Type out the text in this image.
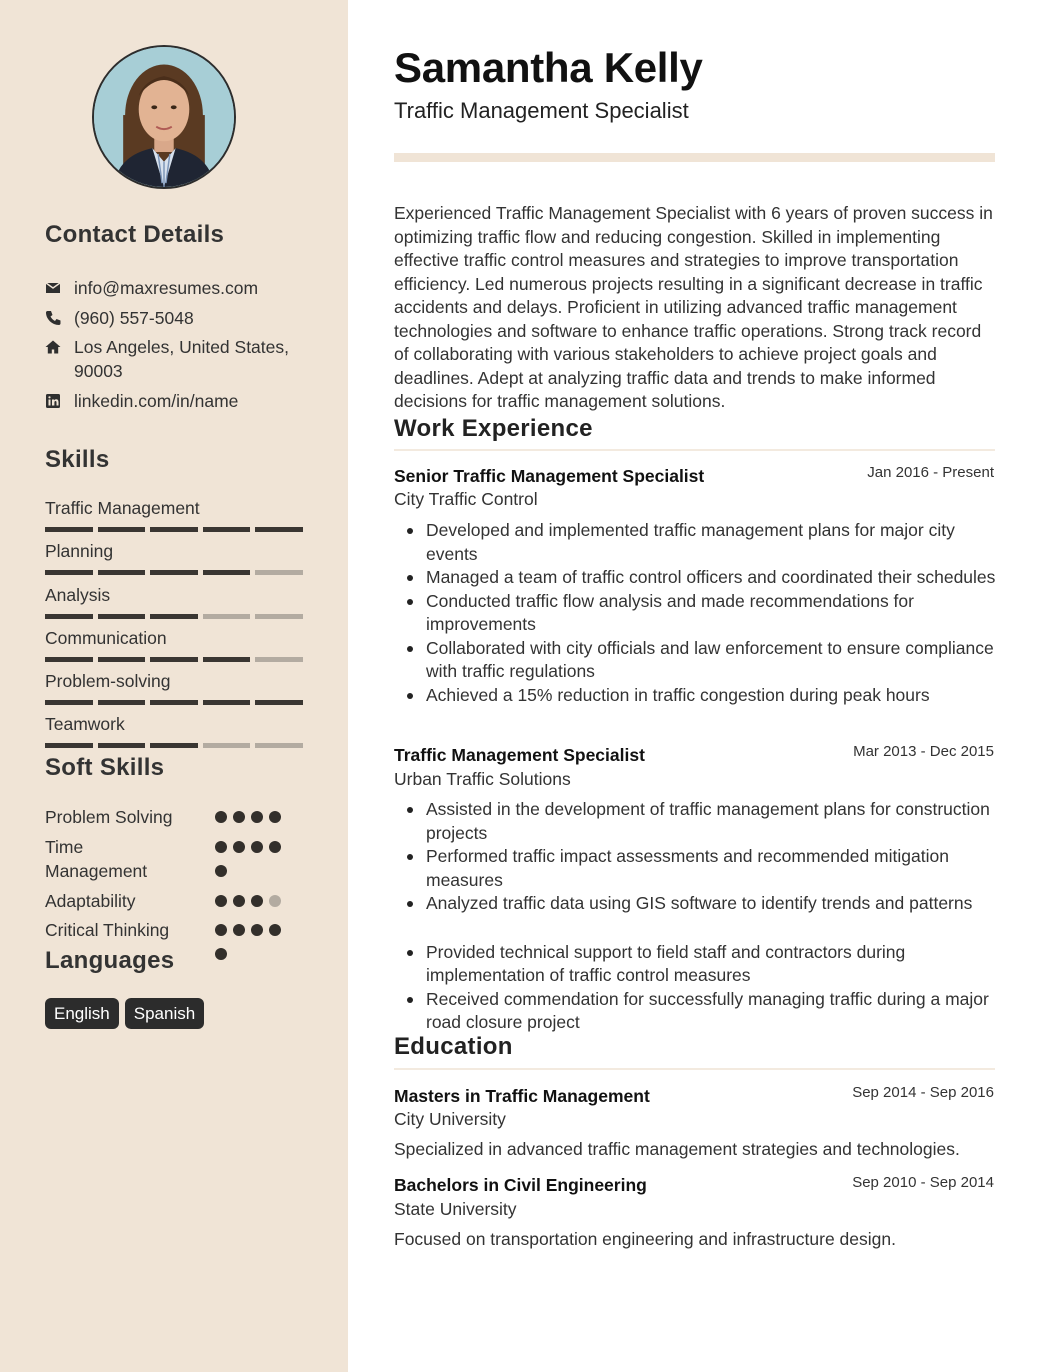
Contact Details
info@maxresumes.com
(960) 557-5048
Los Angeles, United States, 90003
linkedin.com/in/name
Skills
Traffic Management
Planning
Analysis
Communication
Problem-solving
Teamwork
Soft Skills
Problem Solving
Time Management
Adaptability
Critical Thinking
Languages
English	Spanish
Samantha Kelly
Traffic Management Specialist
Experienced Traffic Management Specialist with 6 years of proven success in optimizing traffic flow and reducing congestion. Skilled in implementing effective traffic control measures and strategies to improve transportation efficiency. Led numerous projects resulting in a significant decrease in traffic accidents and delays. Proficient in utilizing advanced traffic management technologies and software to enhance traffic operations. Strong track record of collaborating with various stakeholders to achieve project goals and deadlines. Adept at analyzing traffic data and trends to make informed decisions for traffic management solutions.
Work Experience
Senior Traffic Management Specialist	Jan 2016 - Present
City Traffic Control
Developed and implemented traffic management plans for major city events
Managed a team of traffic control officers and coordinated their schedules
Conducted traffic flow analysis and made recommendations for improvements
Collaborated with city officials and law enforcement to ensure compliance with traffic regulations
Achieved a 15% reduction in traffic congestion during peak hours
Traffic Management Specialist	Mar 2013 - Dec 2015
Urban Traffic Solutions
Assisted in the development of traffic management plans for construction projects
Performed traffic impact assessments and recommended mitigation measures
Analyzed traffic data using GIS software to identify trends and patterns
Provided technical support to field staff and contractors during implementation of traffic control measures
Received commendation for successfully managing traffic during a major road closure project
Education
Masters in Traffic Management	Sep 2014 - Sep 2016
City University
Specialized in advanced traffic management strategies and technologies.
Bachelors in Civil Engineering	Sep 2010 - Sep 2014
State University
Focused on transportation engineering and infrastructure design.
